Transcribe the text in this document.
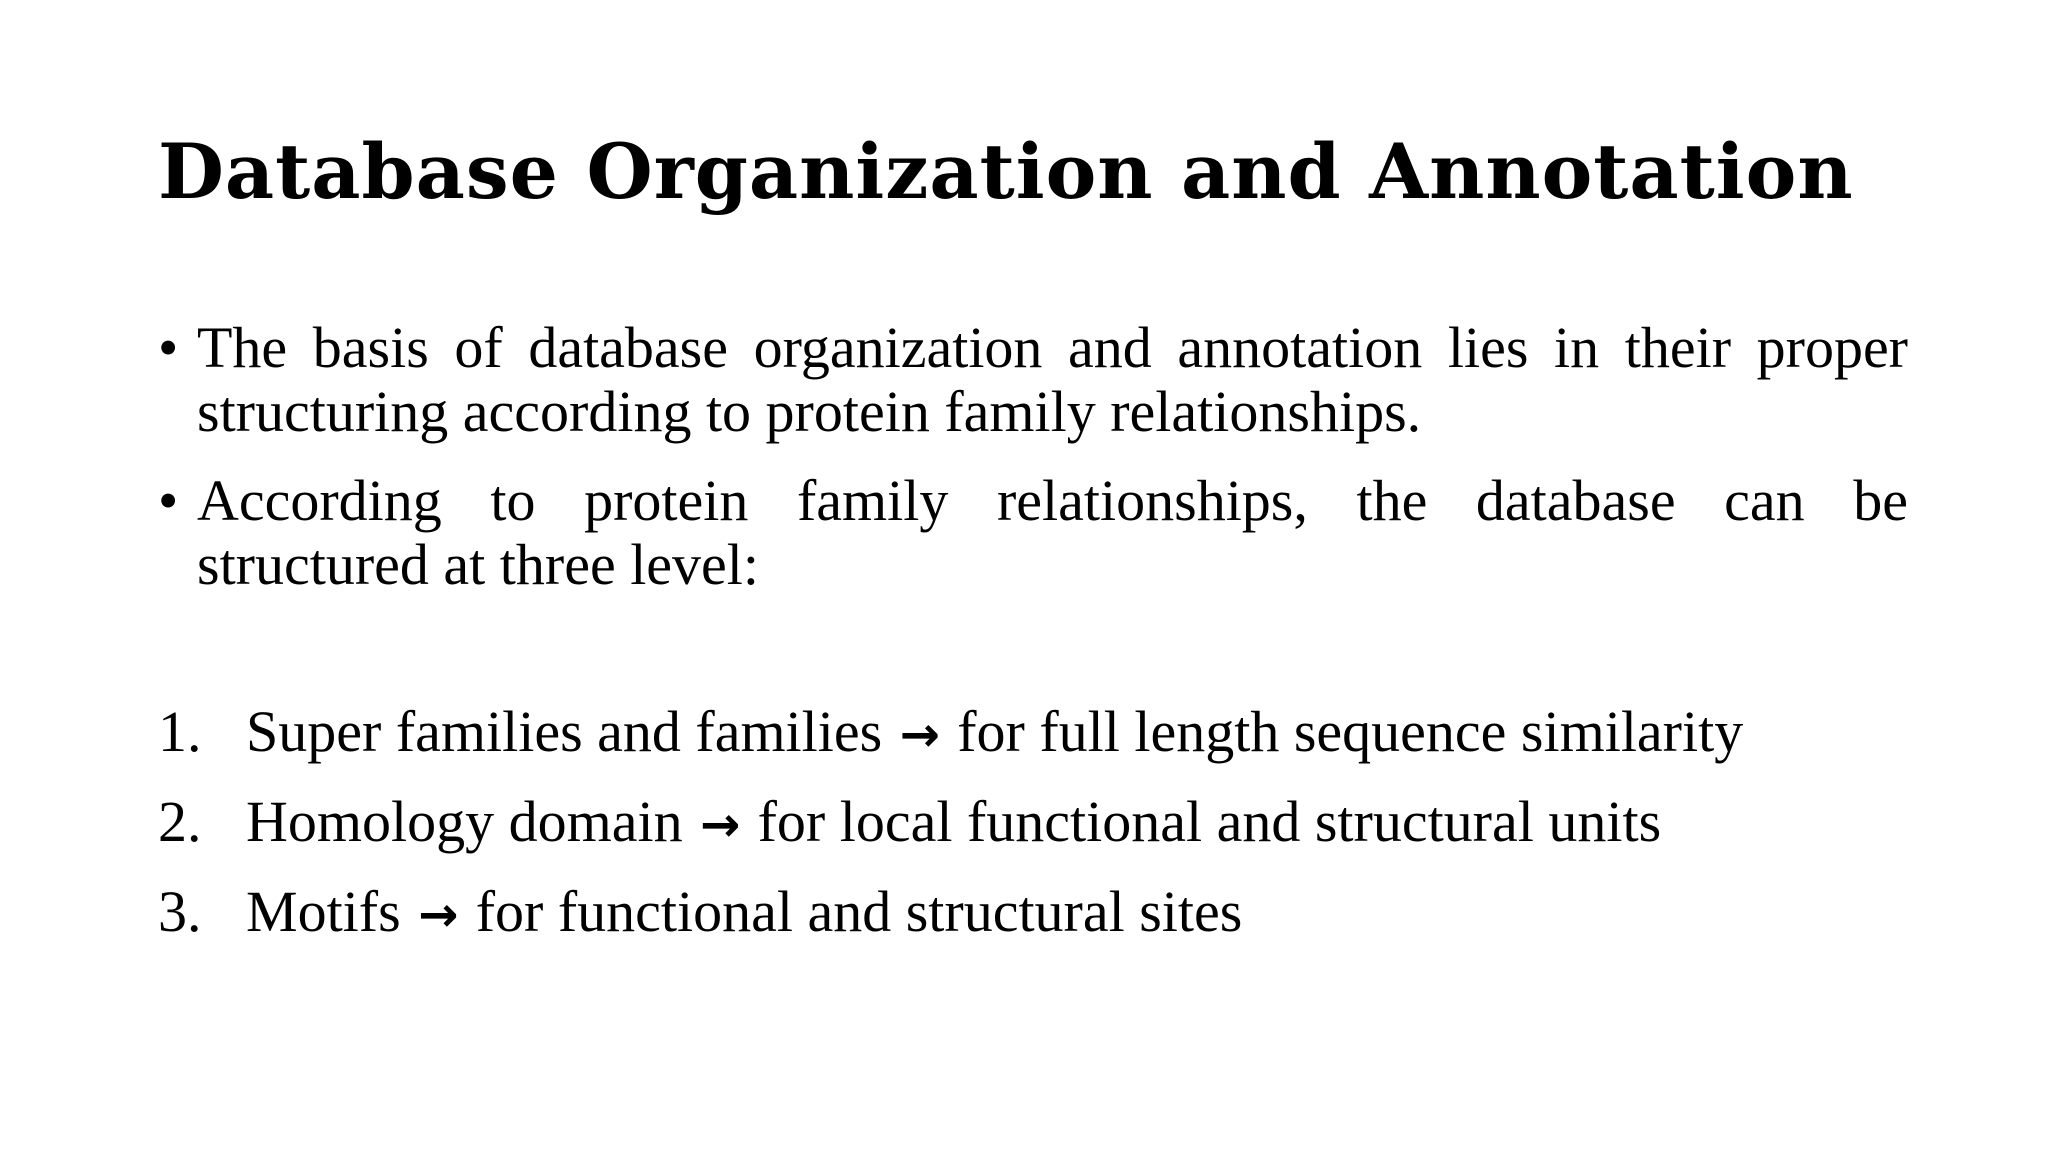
Database Organization and Annotation
• The basis of database organization and annotation lies in their proper structuring according to protein family relationships.
• According to protein family relationships, the database can be
structured at three level:
1. Super families and families → for full length sequence similarity
2. Homology domain → for local functional and structural units
3. Motifs → for functional and structural sites
